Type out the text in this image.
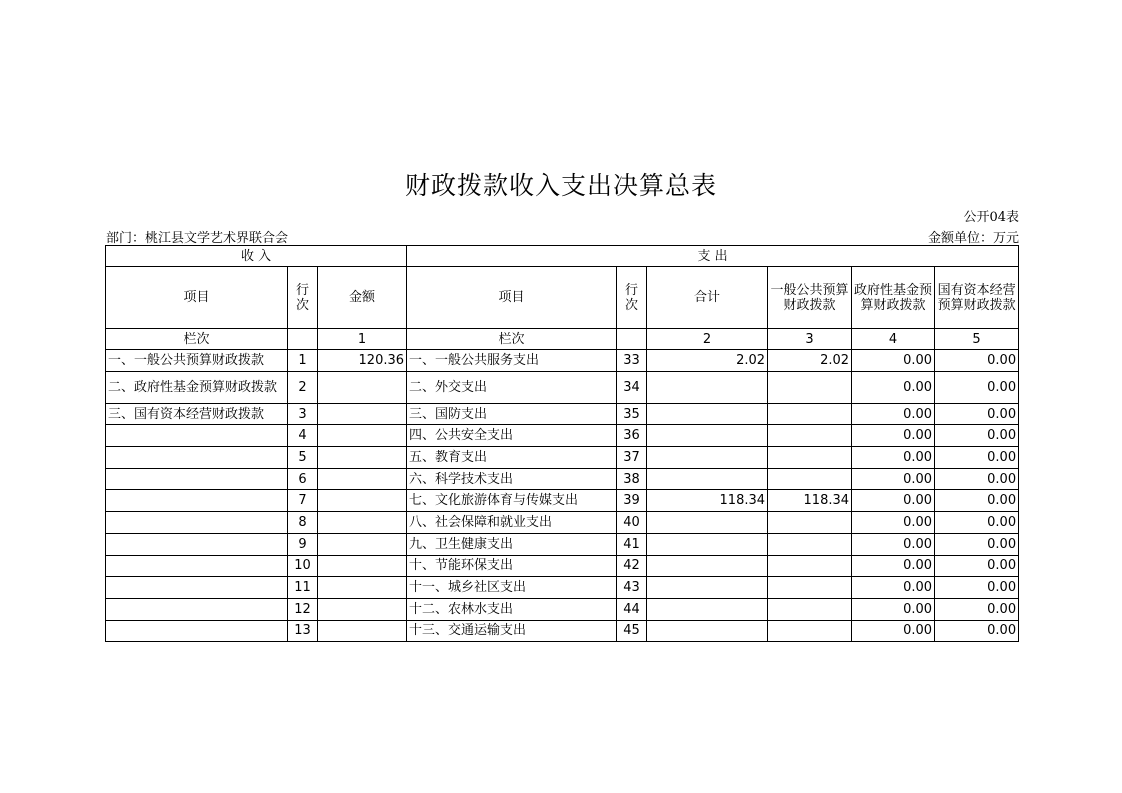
财政拨款收入支出决算总表
公开04表
部门：桃江县文学艺术界联合会	金额单位：万元
收 入			支 出					
项目	行次	金额	项目	行次	合计	一般公共预算财政拨款	政府性基金预算财政拨款	国有资本经营预算财政拨款
栏次		1	栏次		2	3	4	5
一、一般公共预算财政拨款	1	120.36	一、一般公共服务支出	33	2.02	2.02	0.00	0.00
二、政府性基金预算财政拨款	2		二、外交支出	34			0.00	0.00
三、国有资本经营财政拨款	3		三、国防支出	35			0.00	0.00
	4		四、公共安全支出	36			0.00	0.00
	5		五、教育支出	37			0.00	0.00
	6		六、科学技术支出	38			0.00	0.00
	7		七、文化旅游体育与传媒支出	39	118.34	118.34	0.00	0.00
	8		八、社会保障和就业支出	40			0.00	0.00
	9		九、卫生健康支出	41			0.00	0.00
	10		十、节能环保支出	42			0.00	0.00
	11		十一、城乡社区支出	43			0.00	0.00
	12		十二、农林水支出	44			0.00	0.00
	13		十三、交通运输支出	45			0.00	0.00
